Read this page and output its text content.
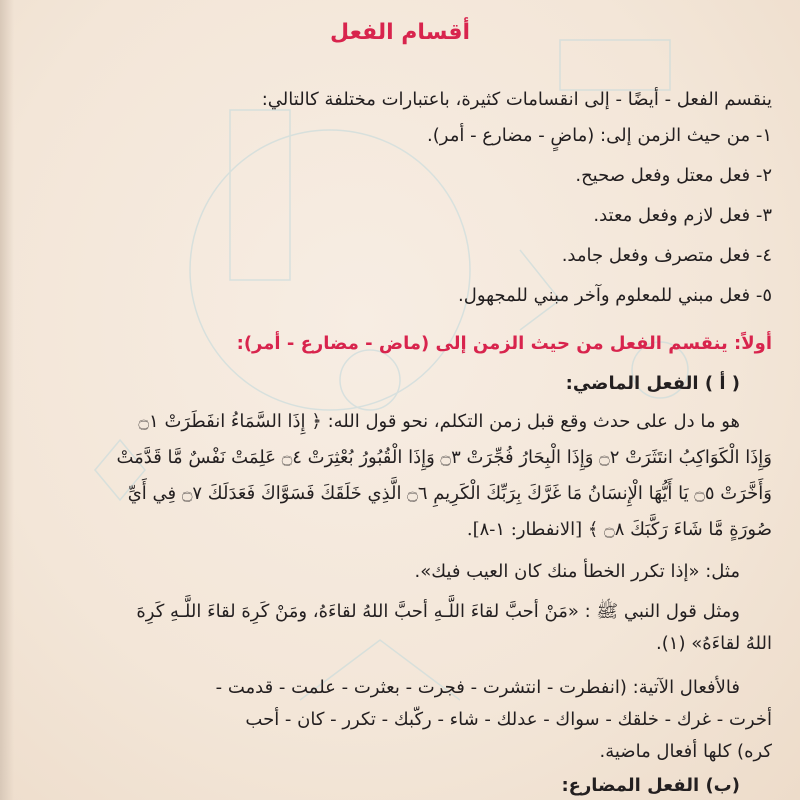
أقسام الفعل
ينقسم الفعل - أيضًا - إلى انقسامات كثيرة، باعتبارات مختلفة كالتالي:
١- من حيث الزمن إلى: (ماضٍ - مضارع - أمر).
٢- فعل معتل وفعل صحيح.
٣- فعل لازم وفعل معتد.
٤- فعل متصرف وفعل جامد.
٥- فعل مبني للمعلوم وآخر مبني للمجهول.
أولاً: ينقسم الفعل من حيث الزمن إلى (ماض - مضارع - أمر):
( أ ) الفعل الماضي:
هو ما دل على حدث وقع قبل زمن التكلم، نحو قول الله: ﴿ إِذَا السَّمَاءُ انفَطَرَتْ ۝١
وَإِذَا الْكَوَاكِبُ انتَثَرَتْ ۝٢ وَإِذَا الْبِحَارُ فُجِّرَتْ ۝٣ وَإِذَا الْقُبُورُ بُعْثِرَتْ ۝٤ عَلِمَتْ نَفْسٌ مَّا قَدَّمَتْ
وَأَخَّرَتْ ۝٥ يَا أَيُّهَا الْإِنسَانُ مَا غَرَّكَ بِرَبِّكَ الْكَرِيمِ ۝٦ الَّذِي خَلَقَكَ فَسَوَّاكَ فَعَدَلَكَ ۝٧ فِي أَيِّ
صُورَةٍ مَّا شَاءَ رَكَّبَكَ ۝٨ ﴾ [الانفطار: ١-٨].
مثل: «إذا تكرر الخطأ منك كان العيب فيك».
ومثل قول النبي ﷺ : «مَنْ أحبَّ لقاءَ اللَّـهِ أحبَّ اللهُ لقاءَهُ، ومَنْ كَرِهَ لقاءَ اللَّـهِ كَرِهَ
اللهُ لقاءَهُ» (١).
فالأفعال الآتية: (انفطرت - انتشرت - فجرت - بعثرت - علمت - قدمت -
أخرت - غرك - خلقك - سواك - عدلك - شاء - ركّبك - تكرر - كان - أحب
كره) كلها أفعال ماضية.
(ب) الفعل المضارع:
